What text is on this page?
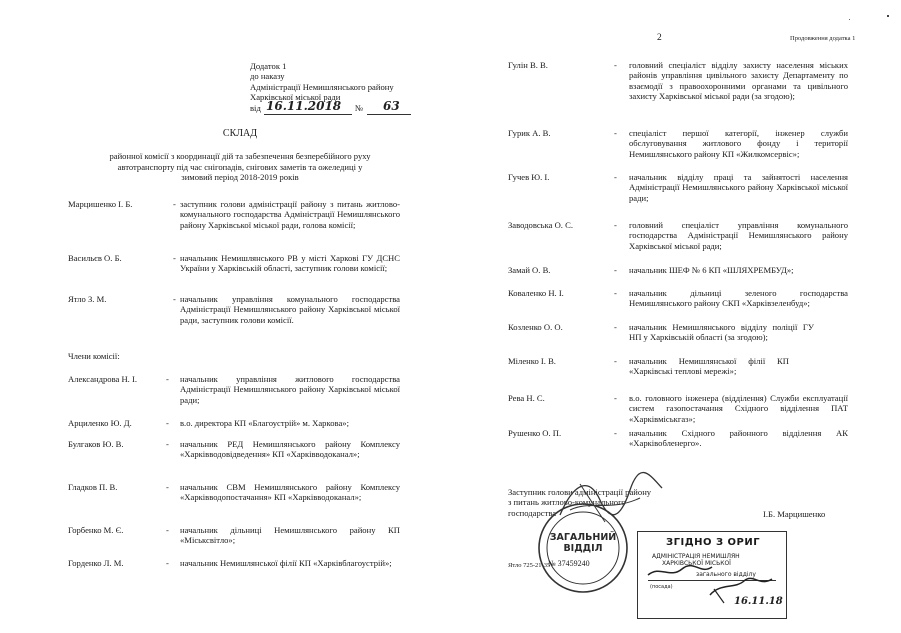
Додаток 1
до наказу
Адміністрації Немишлянського району
Харківської міської ради
від 16.11.2018 № 63
СКЛАД
районної комісії з координації дій та забезпечення безперебійного руху
автотранспорту під час снігопадів, снігових заметів та ожеледиці у
зимовий період 2018-2019 років
Марцишенко І. Б.	- заступник голови адміністрації району з питань житлово-комунального господарства Адміністрації Немишлянського району Харківської міської ради, голова комісії;
Васильєв О. Б.	- начальник Немишлянського РВ у місті Харкові ГУ ДСНС України у Харківській області, заступник голови комісії;
Ятло З. М.	- начальник управління комунального господарства Адміністрації Немишлянського району Харківської міської ради, заступник голови комісії.
Члени комісії:
Александрова Н. І.	- начальник управління житлового господарства Адміністрації Немишлянського району Харківської міської ради;
Арциленко Ю. Д.	- в.о. директора КП «Благоустрій» м. Харкова»;
Булгаков Ю. В.	- начальник РЕД Немишлянського району Комплексу «Харківводовідведення» КП «Харківводоканал»;
Гладков П. В.	- начальник СВМ Немишлянського району Комплексу «Харківводопостачання» КП «Харківводоканал»;
Горбенко М. Є.	- начальник дільниці Немишлянського району КП «Міськсвітло»;
Горденко Л. М.	- начальник Немишлянської філії КП «Харківблагоустрій»;
2	Продовження додатка 1
Гулін В. В.	- головний спеціаліст відділу захисту населення міських районів управління цивільного захисту Департаменту по взаємодії з правоохоронними органами та цивільного захисту Харківської міської ради (за згодою);
Гурик А. В.	- спеціаліст першої категорії, інженер служби обслуговування житлового фонду і території Немишлянського району КП «Жилкомсервіс»;
Гучев Ю. І.	- начальник відділу праці та зайнятості населення Адміністрації Немишлянського району Харківської міської ради;
Заводовська О. С.	- головний спеціаліст управління комунального господарства Адміністрації Немишлянського району Харківської міської ради;
Замай О. В.	- начальник ШЕФ № 6 КП «ШЛЯХРЕМБУД»;
Коваленко Н. І.	- начальник дільниці зеленого господарства Немишлянського району СКП «Харківзеленбуд»;
Козленко О. О.	- начальник Немишлянського відділу поліції ГУ НП у Харківській області (за згодою);
Міленко І. В.	- начальник Немишлянської філії КП «Харківські теплові мережі»;
Рева Н. С.	- в.о. головного інженера (відділення) Служби експлуатації систем газопостачання Східного відділення ПАТ «Харківміськгаз»;
Рушенко О. П.	- начальник Східного районного відділення АК «Харківобленерго».
Заступник голови адміністрації району
з питань житлово-комунального
господарства	І.Б. Марцишенко
ЗАГАЛЬНИЙ
ВІДДІЛ
№ 37459240
Ятло 725-21-35
ЗГІДНО З ОРИГ
АДМІНІСТРАЦІЯ НЕМИШЛЯН
ХАРКІВСЬКОЇ МІСЬКОЇ
загального відділу
(посада)
16.11.18
